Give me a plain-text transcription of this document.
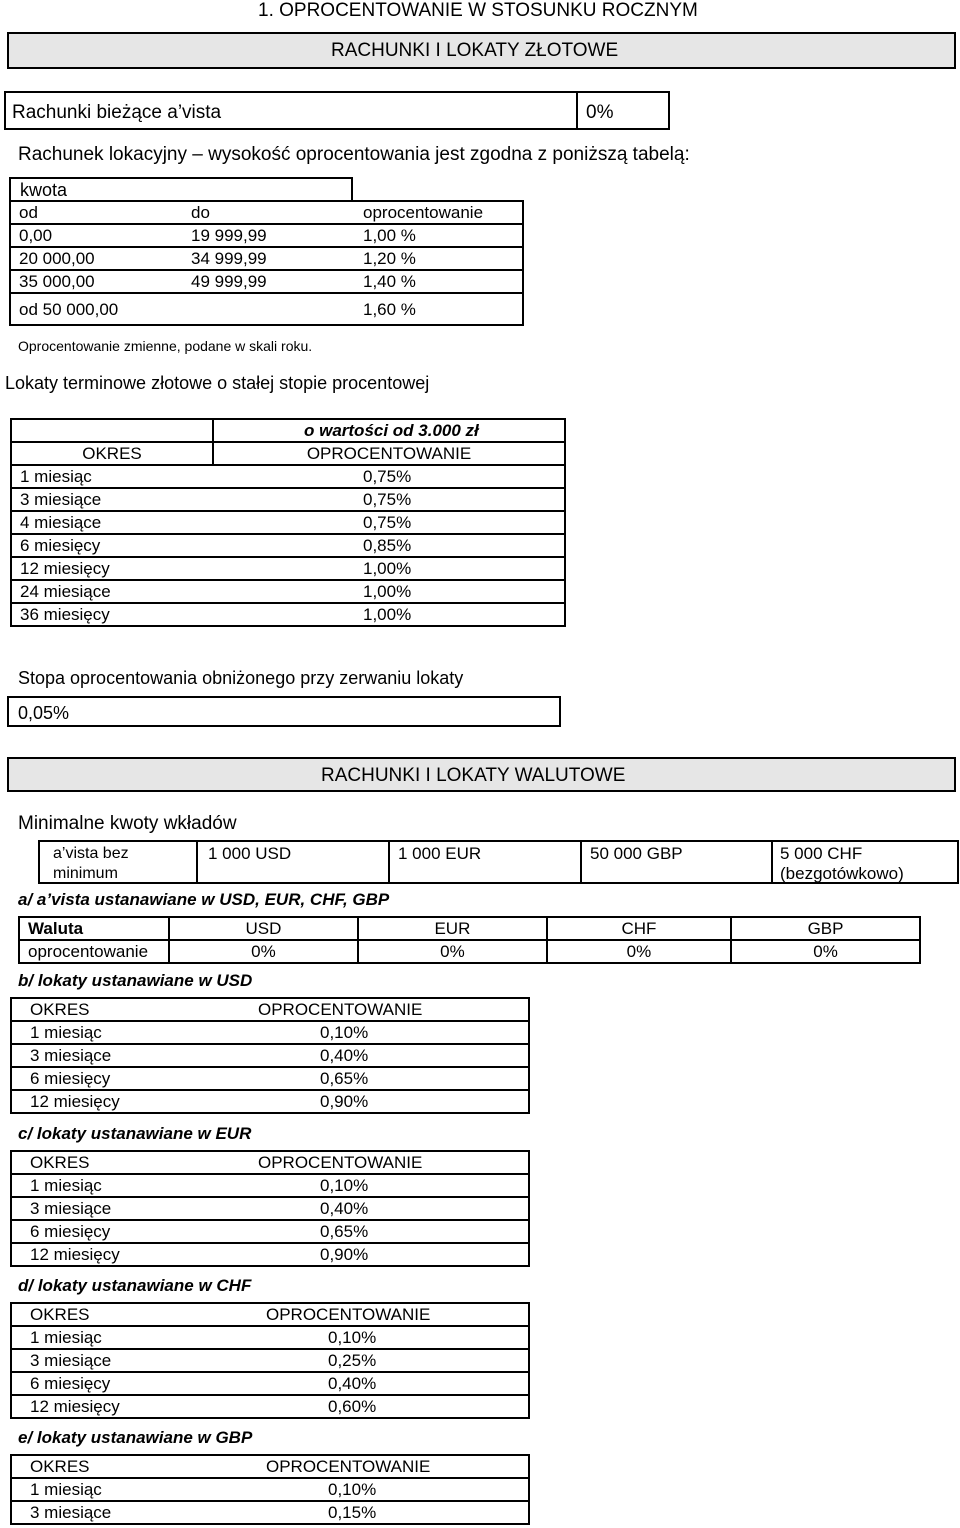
1. OPROCENTOWANIE W STOSUNKU ROCZNYM
RACHUNKI I LOKATY ZŁOTOWE
Rachunki bieżące a’vista	0%
Rachunek lokacyjny – wysokość oprocentowania jest zgodna z poniższą tabelą:
kwota
od	do	oprocentowanie
0,00	19 999,99	1,00 %
20 000,00	34 999,99	1,20 %
35 000,00	49 999,99	1,40 %
od 50 000,00		1,60 %
Oprocentowanie zmienne, podane w skali roku.
Lokaty terminowe złotowe o stałej stopie procentowej
	o wartości od 3.000 zł
OKRES	OPROCENTOWANIE
1 miesiąc	0,75%
3 miesiące	0,75%
4 miesiące	0,75%
6 miesięcy	0,85%
12 miesięcy	1,00%
24 miesiące	1,00%
36 miesięcy	1,00%
Stopa oprocentowania obniżonego przy zerwaniu lokaty
0,05%
RACHUNKI I LOKATY WALUTOWE
Minimalne kwoty wkładów
a’vista bez
minimum
1 000 USD	1 000 EUR	50 000 GBP	5 000 CHF
(bezgotówkowo)
a/ a’vista ustanawiane w USD, EUR, CHF, GBP
Waluta	USD	EUR	CHF	GBP
oprocentowanie	0%	0%	0%	0%
b/ lokaty ustanawiane w USD
OKRES	OPROCENTOWANIE
1 miesiąc	0,10%
3 miesiące	0,40%
6 miesięcy	0,65%
12 miesięcy	0,90%
c/ lokaty ustanawiane w EUR
OKRES	OPROCENTOWANIE
1 miesiąc	0,10%
3 miesiące	0,40%
6 miesięcy	0,65%
12 miesięcy	0,90%
d/ lokaty ustanawiane w CHF
OKRES	OPROCENTOWANIE
1 miesiąc	0,10%
3 miesiące	0,25%
6 miesięcy	0,40%
12 miesięcy	0,60%
e/ lokaty ustanawiane w GBP
OKRES	OPROCENTOWANIE
1 miesiąc	0,10%
3 miesiące	0,15%
